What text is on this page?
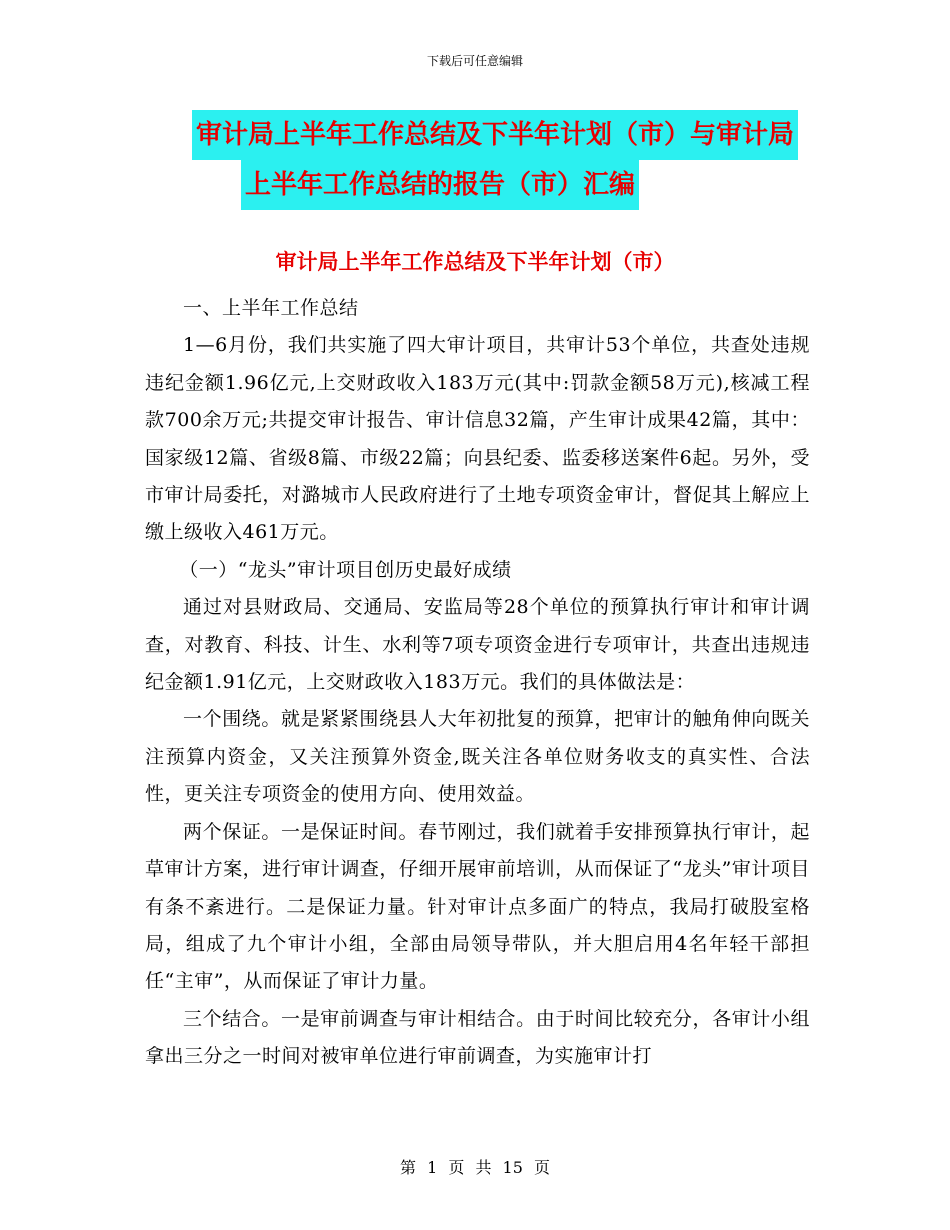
下载后可任意编辑
审计局上半年工作总结及下半年计划（市）与审计局
上半年工作总结的报告（市）汇编
审计局上半年工作总结及下半年计划（市）

一、上半年工作总结

1—6月份，我们共实施了四大审计项目，共审计53个单位，共查处违规违纪金额1.96亿元,上交财政收入183万元(其中:罚款金额58万元),核减工程款700余万元;共提交审计报告、审计信息32篇，产生审计成果42篇，其中：国家级12篇、省级8篇、市级22篇；向县纪委、监委移送案件6起。另外，受市审计局委托，对潞城市人民政府进行了土地专项资金审计，督促其上解应上缴上级收入461万元。

（一）“龙头”审计项目创历史最好成绩

通过对县财政局、交通局、安监局等28个单位的预算执行审计和审计调查，对教育、科技、计生、水利等7项专项资金进行专项审计，共查出违规违纪金额1.91亿元，上交财政收入183万元。我们的具体做法是：

一个围绕。就是紧紧围绕县人大年初批复的预算，把审计的触角伸向既关注预算内资金，又关注预算外资金,既关注各单位财务收支的真实性、合法性，更关注专项资金的使用方向、使用效益。

两个保证。一是保证时间。春节刚过，我们就着手安排预算执行审计，起草审计方案，进行审计调查，仔细开展审前培训，从而保证了“龙头”审计项目有条不紊进行。二是保证力量。针对审计点多面广的特点，我局打破股室格局，组成了九个审计小组，全部由局领导带队，并大胆启用4名年轻干部担任“主审”，从而保证了审计力量。

三个结合。一是审前调查与审计相结合。由于时间比较充分，各审计小组拿出三分之一时间对被审单位进行审前调查，为实施审计打

第 1 页 共 15 页
